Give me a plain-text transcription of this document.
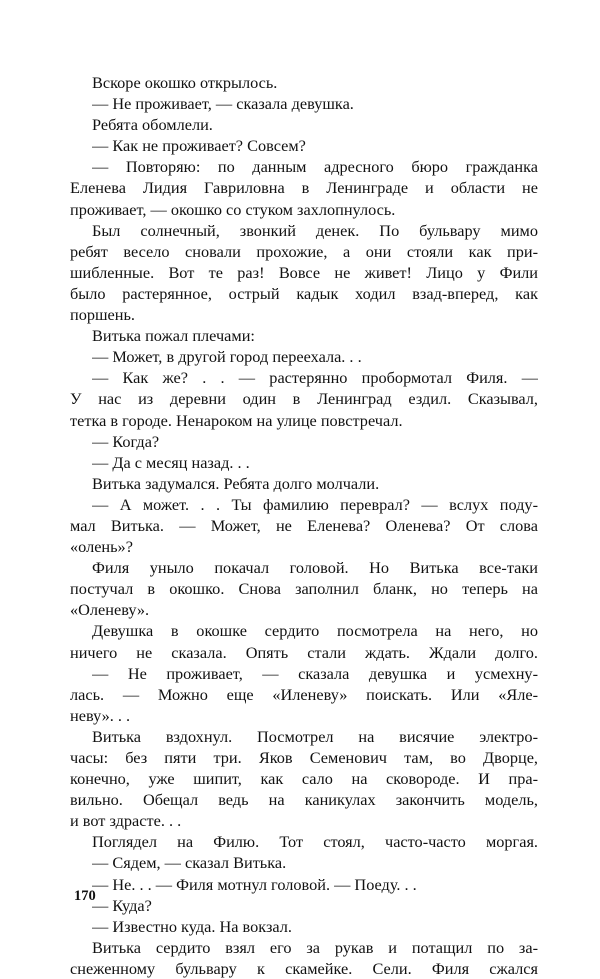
Вскоре окошко открылось.
— Не проживает, — сказала девушка.
Ребята обомлели.
— Как не проживает? Совсем?
— Повторяю: по данным адресного бюро гражданка
Еленева Лидия Гавриловна в Ленинграде и области не
проживает, — окошко со стуком захлопнулось.
Был солнечный, звонкий денек. По бульвару мимо
ребят весело сновали прохожие, а они стояли как при-
шибленные. Вот те раз! Вовсе не живет! Лицо у Фили
было растерянное, острый кадык ходил взад-вперед, как
поршень.
Витька пожал плечами:
— Может, в другой город переехала. . .
— Как же? . . — растерянно пробормотал Филя. —
У нас из деревни один в Ленинград ездил. Сказывал,
тетка в городе. Ненароком на улице повстречал.
— Когда?
— Да с месяц назад. . .
Витька задумался. Ребята долго молчали.
— А может. . . Ты фамилию переврал? — вслух поду-
мал Витька. — Может, не Еленева? Оленева? От слова
«олень»?
Филя уныло покачал головой. Но Витька все-таки
постучал в окошко. Снова заполнил бланк, но теперь на
«Оленеву».
Девушка в окошке сердито посмотрела на него, но
ничего не сказала. Опять стали ждать. Ждали долго.
— Не проживает, — сказала девушка и усмехну-
лась. — Можно еще «Иленеву» поискать. Или «Яле-
неву». . .
Витька вздохнул. Посмотрел на висячие электро-
часы: без пяти три. Яков Семенович там, во Дворце,
конечно, уже шипит, как сало на сковороде. И пра-
вильно. Обещал ведь на каникулах закончить модель,
и вот здрасте. . .
Поглядел на Филю. Тот стоял, часто-часто моргая.
— Сядем, — сказал Витька.
— Не. . . — Филя мотнул головой. — Поеду. . .
— Куда?
— Известно куда. На вокзал.
Витька сердито взял его за рукав и потащил по за-
снеженному бульвару к скамейке. Сели. Филя сжался
170
